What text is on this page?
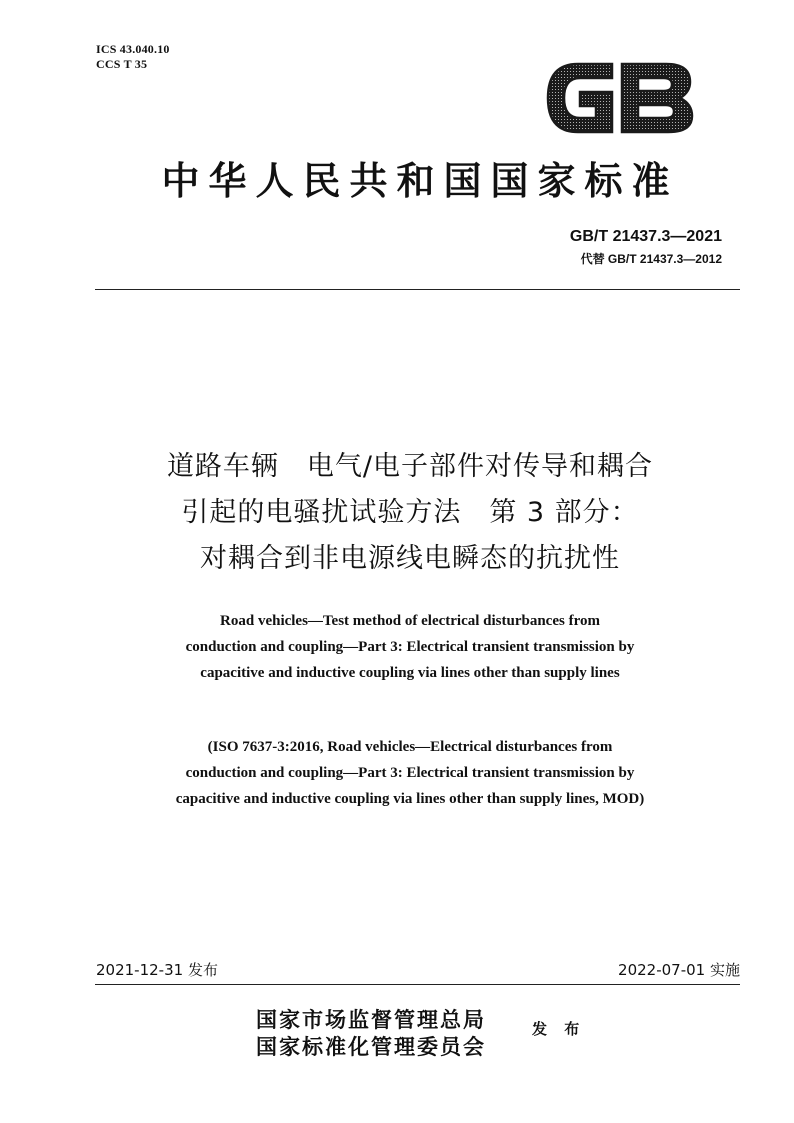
ICS 43.040.10
CCS T 35
中华人民共和国国家标准
GB/T 21437.3—2021
代替 GB/T 21437.3—2012
道路车辆　电气/电子部件对传导和耦合
引起的电骚扰试验方法　第 3 部分：
对耦合到非电源线电瞬态的抗扰性
Road vehicles—Test method of electrical disturbances from
conduction and coupling—Part 3: Electrical transient transmission by
capacitive and inductive coupling via lines other than supply lines
(ISO 7637-3:2016, Road vehicles—Electrical disturbances from
conduction and coupling—Part 3: Electrical transient transmission by
capacitive and inductive coupling via lines other than supply lines, MOD)
2021-12-31 发布	2022-07-01 实施
国家市场监督管理总局
国家标准化管理委员会
发 布
